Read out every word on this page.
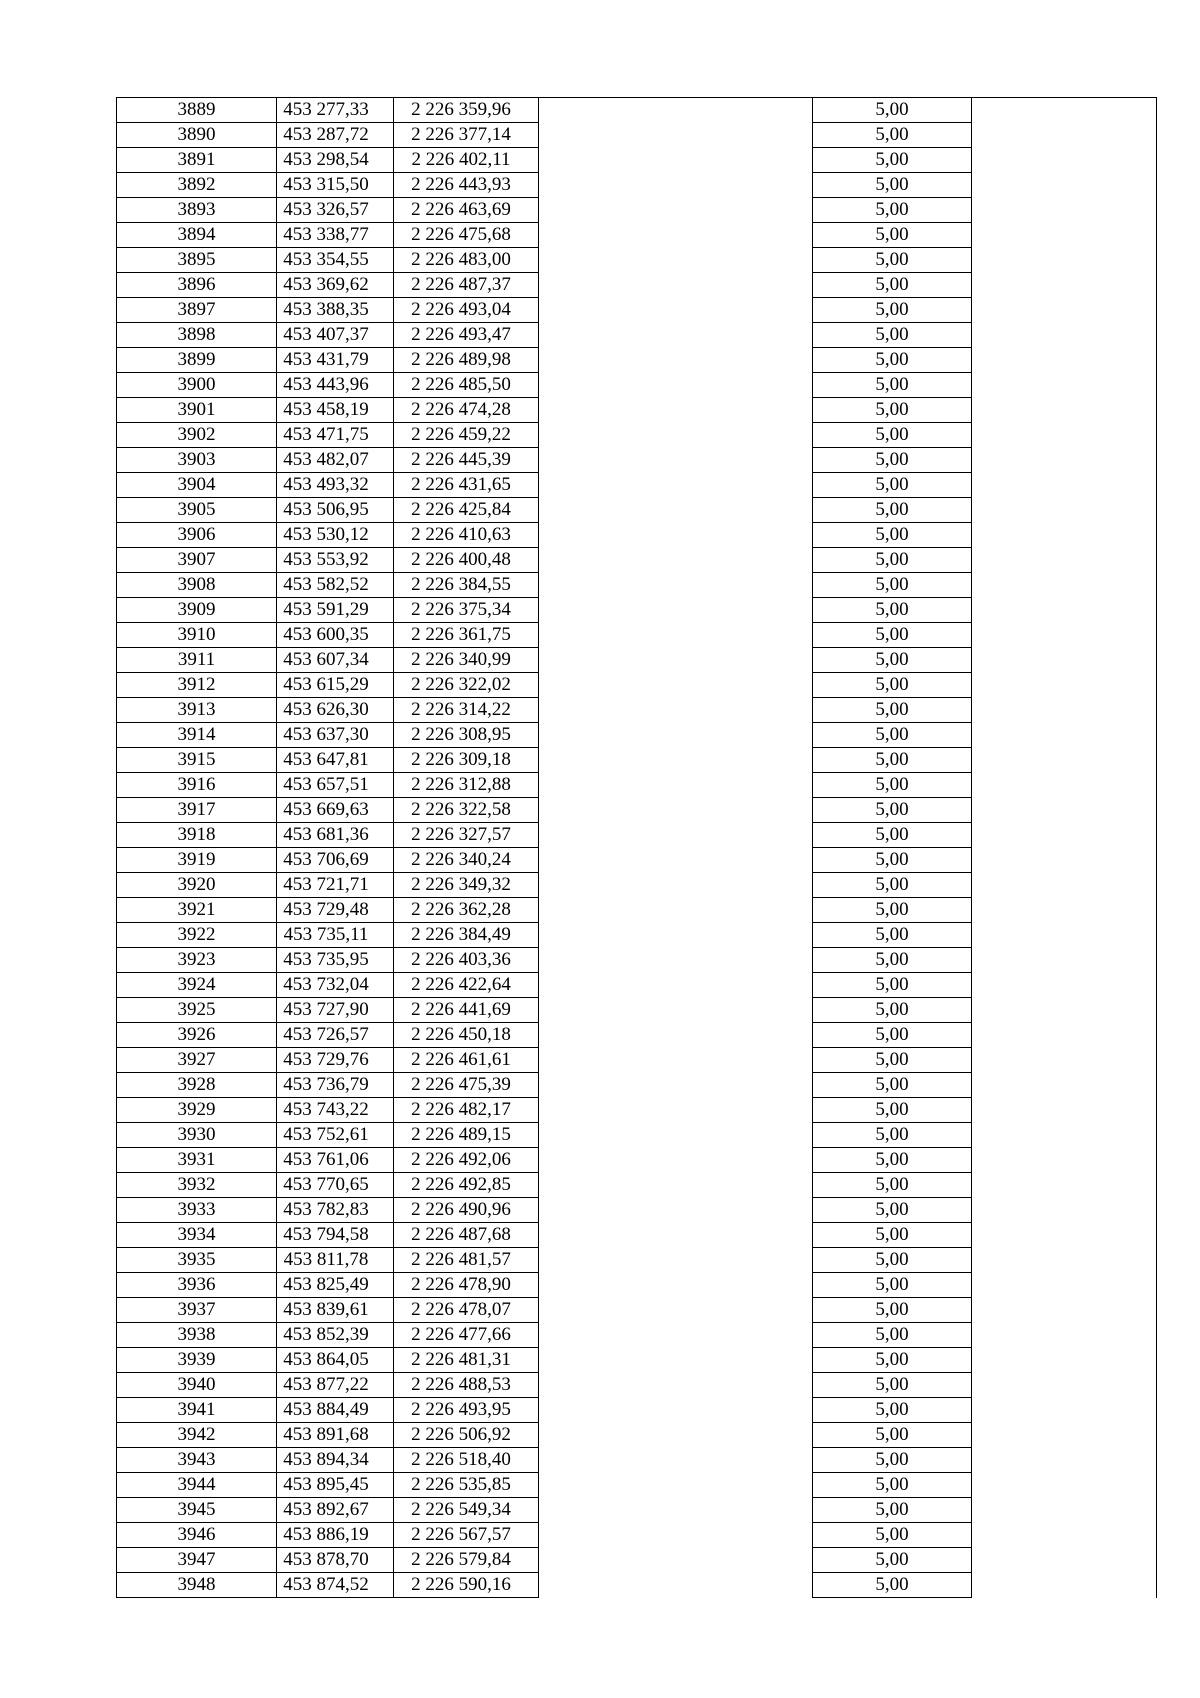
3889	453 277,33	2 226 359,96		5,00	
3890	453 287,72	2 226 377,14		5,00	
3891	453 298,54	2 226 402,11		5,00	
3892	453 315,50	2 226 443,93		5,00	
3893	453 326,57	2 226 463,69		5,00	
3894	453 338,77	2 226 475,68		5,00	
3895	453 354,55	2 226 483,00		5,00	
3896	453 369,62	2 226 487,37		5,00	
3897	453 388,35	2 226 493,04		5,00	
3898	453 407,37	2 226 493,47		5,00	
3899	453 431,79	2 226 489,98		5,00	
3900	453 443,96	2 226 485,50		5,00	
3901	453 458,19	2 226 474,28		5,00	
3902	453 471,75	2 226 459,22		5,00	
3903	453 482,07	2 226 445,39		5,00	
3904	453 493,32	2 226 431,65		5,00	
3905	453 506,95	2 226 425,84		5,00	
3906	453 530,12	2 226 410,63		5,00	
3907	453 553,92	2 226 400,48		5,00	
3908	453 582,52	2 226 384,55		5,00	
3909	453 591,29	2 226 375,34		5,00	
3910	453 600,35	2 226 361,75		5,00	
3911	453 607,34	2 226 340,99		5,00	
3912	453 615,29	2 226 322,02		5,00	
3913	453 626,30	2 226 314,22		5,00	
3914	453 637,30	2 226 308,95		5,00	
3915	453 647,81	2 226 309,18		5,00	
3916	453 657,51	2 226 312,88		5,00	
3917	453 669,63	2 226 322,58		5,00	
3918	453 681,36	2 226 327,57		5,00	
3919	453 706,69	2 226 340,24		5,00	
3920	453 721,71	2 226 349,32		5,00	
3921	453 729,48	2 226 362,28		5,00	
3922	453 735,11	2 226 384,49		5,00	
3923	453 735,95	2 226 403,36		5,00	
3924	453 732,04	2 226 422,64		5,00	
3925	453 727,90	2 226 441,69		5,00	
3926	453 726,57	2 226 450,18		5,00	
3927	453 729,76	2 226 461,61		5,00	
3928	453 736,79	2 226 475,39		5,00	
3929	453 743,22	2 226 482,17		5,00	
3930	453 752,61	2 226 489,15		5,00	
3931	453 761,06	2 226 492,06		5,00	
3932	453 770,65	2 226 492,85		5,00	
3933	453 782,83	2 226 490,96		5,00	
3934	453 794,58	2 226 487,68		5,00	
3935	453 811,78	2 226 481,57		5,00	
3936	453 825,49	2 226 478,90		5,00	
3937	453 839,61	2 226 478,07		5,00	
3938	453 852,39	2 226 477,66		5,00	
3939	453 864,05	2 226 481,31		5,00	
3940	453 877,22	2 226 488,53		5,00	
3941	453 884,49	2 226 493,95		5,00	
3942	453 891,68	2 226 506,92		5,00	
3943	453 894,34	2 226 518,40		5,00	
3944	453 895,45	2 226 535,85		5,00	
3945	453 892,67	2 226 549,34		5,00	
3946	453 886,19	2 226 567,57		5,00	
3947	453 878,70	2 226 579,84		5,00	
3948	453 874,52	2 226 590,16		5,00	
